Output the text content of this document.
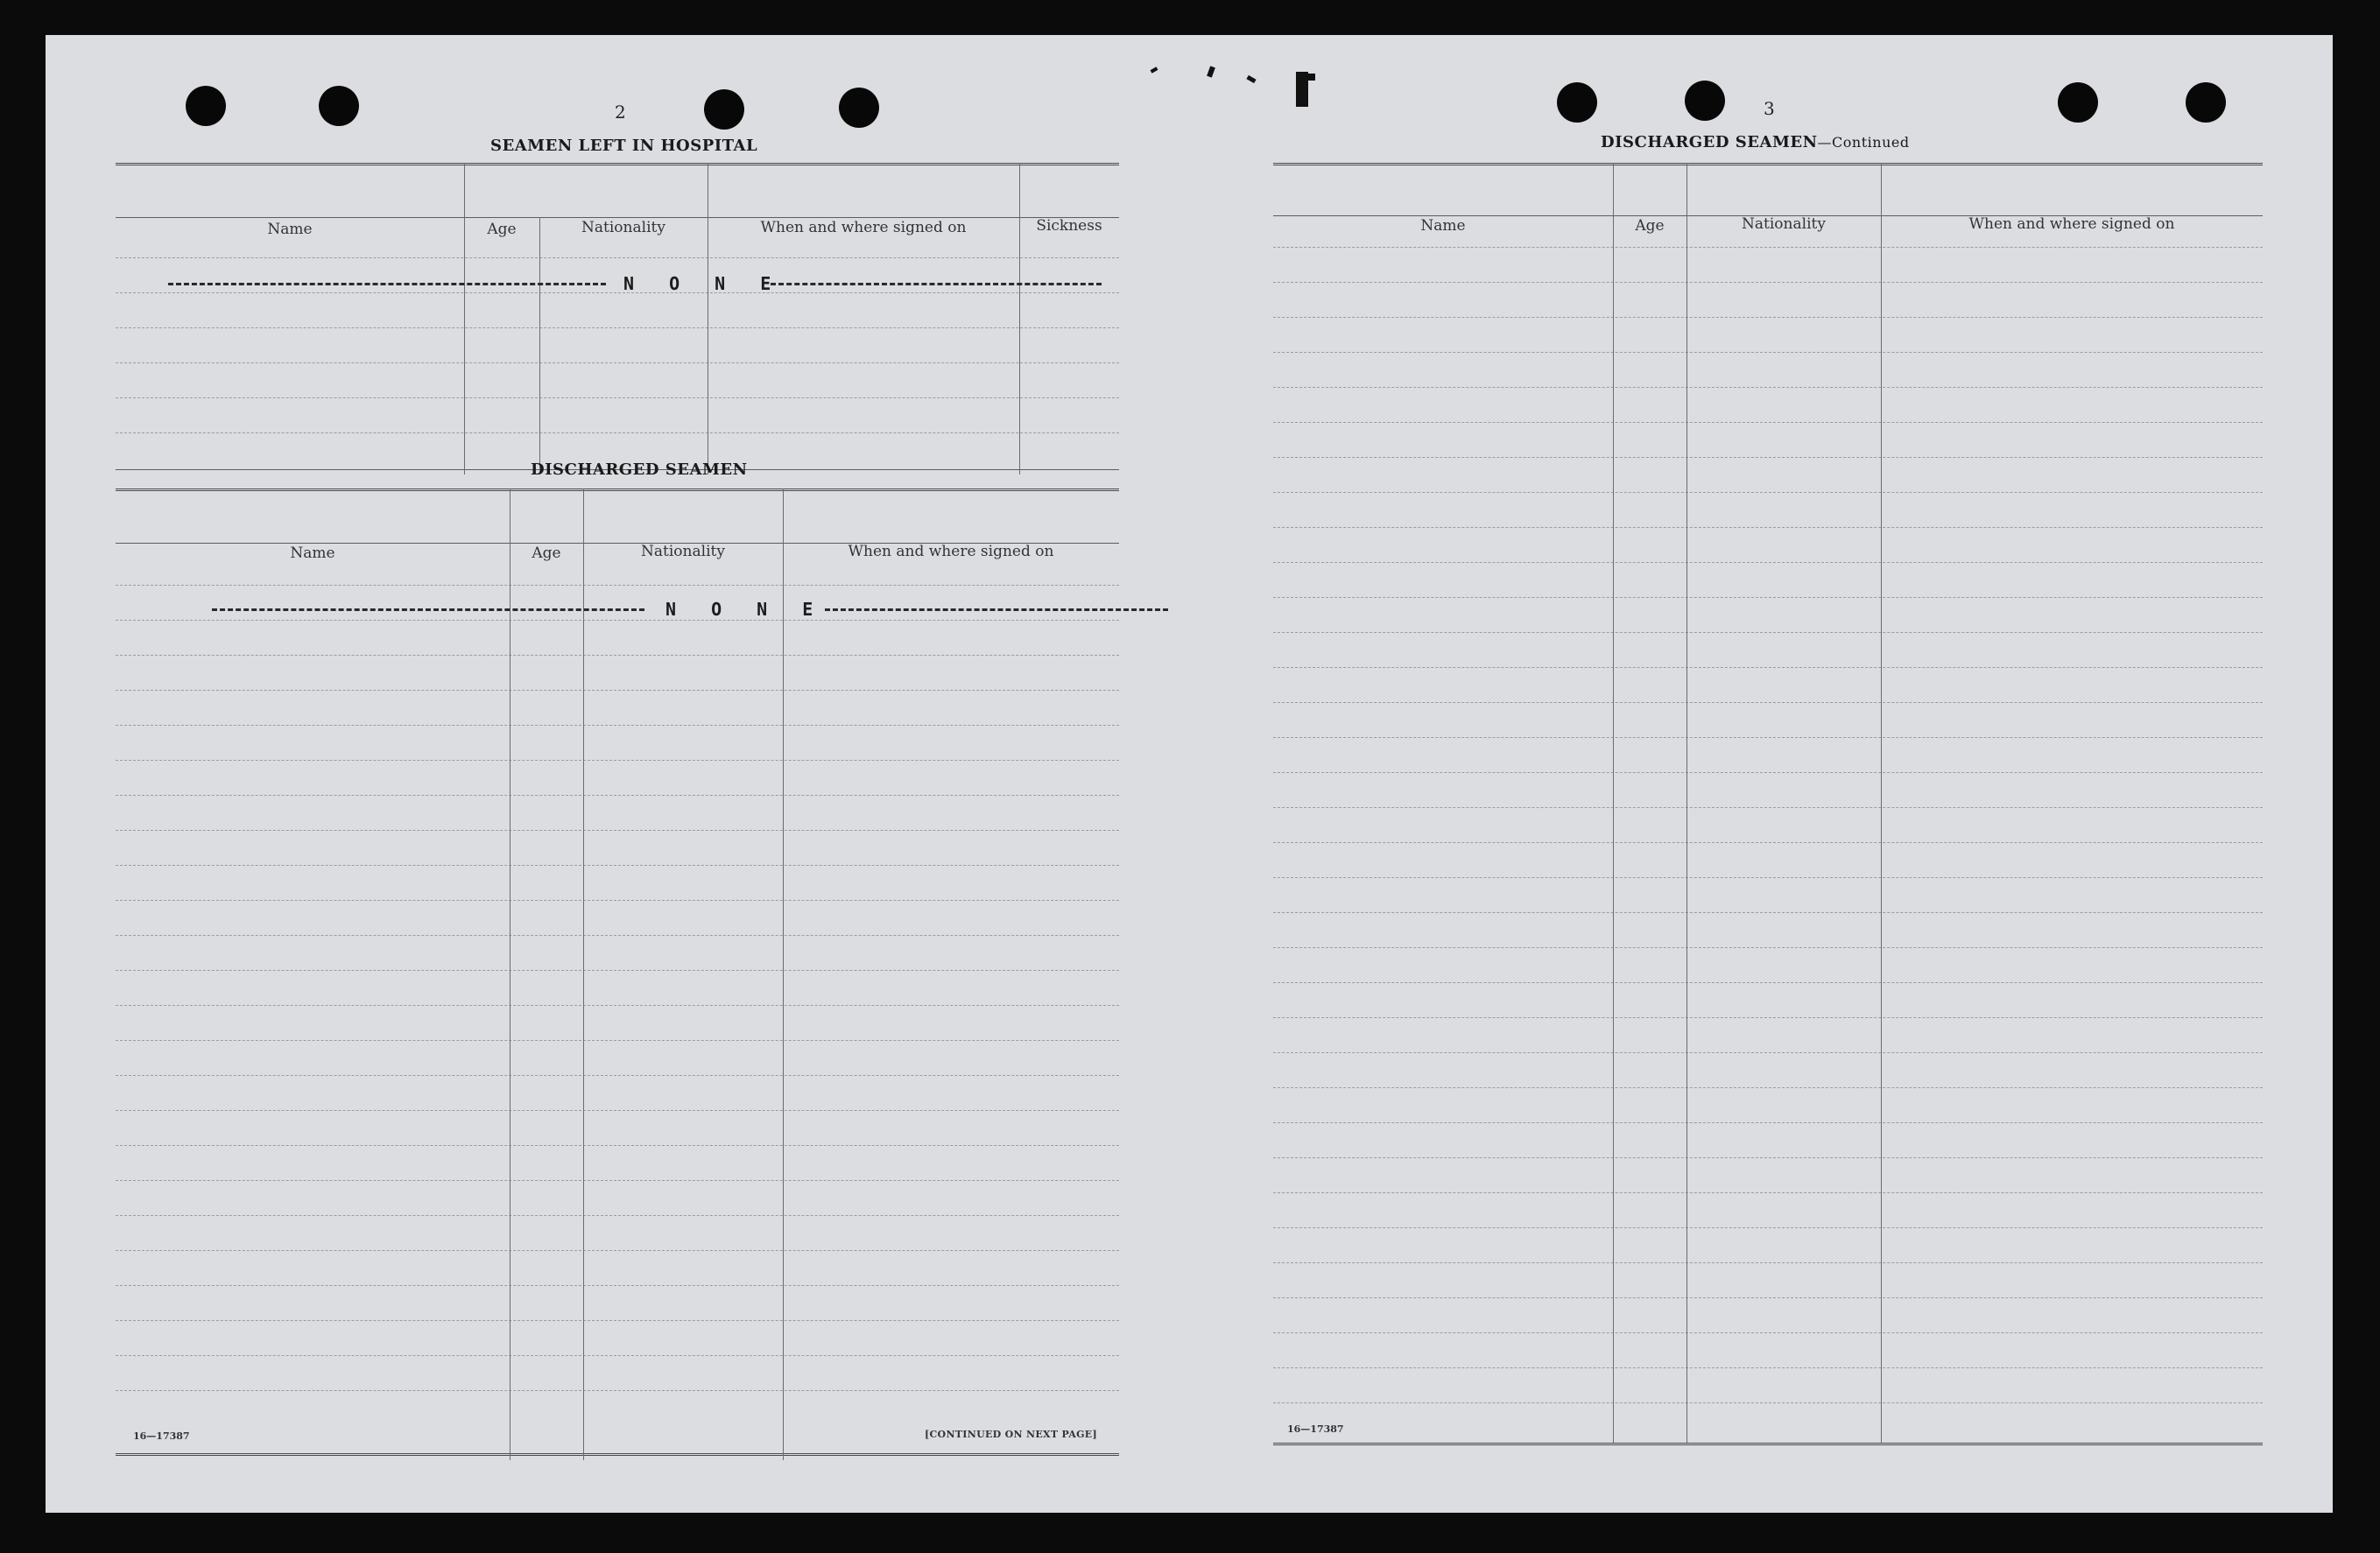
2
SEAMEN LEFT IN HOSPITAL
Name	Age	Nationality	When and where signed on	Sickness
N O N E
DISCHARGED SEAMEN
Name	Age	Nationality	When and where signed on
N O N E
16—17387	[CONTINUED ON NEXT PAGE]
3
DISCHARGED SEAMEN—Continued
Name	Age	Nationality	When and where signed on
16—17387
